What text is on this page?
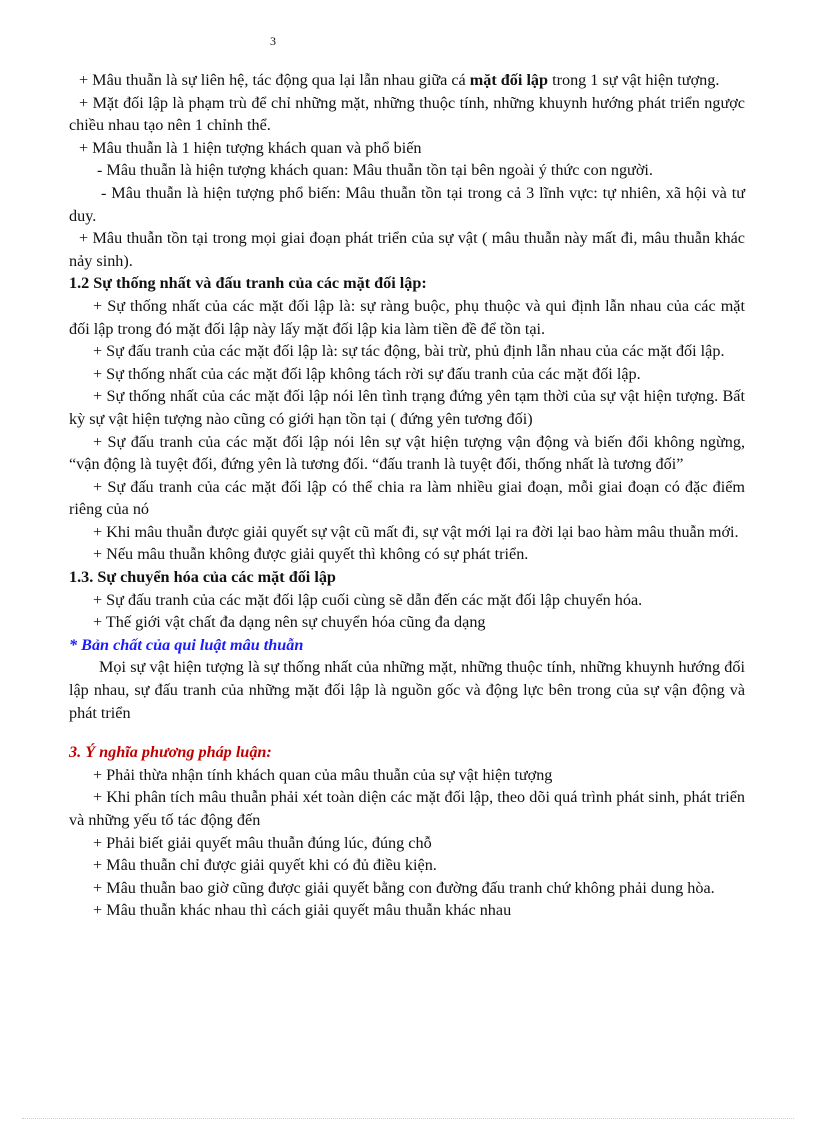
3

+ Mâu thuẫn là sự liên hệ, tác động qua lại lẫn nhau giữa cá mặt đối lập trong 1 sự vật hiện tượng.

+ Mặt đối lập là phạm trù để chỉ những mặt, những thuộc tính, những khuynh hướng phát triển ngược chiều nhau tạo nên 1 chỉnh thể.

+ Mâu thuẫn là 1 hiện tượng khách quan và phổ biến

- Mâu thuẫn là hiện tượng khách quan: Mâu thuẫn tồn tại bên ngoài ý thức con người.

- Mâu thuẫn là hiện tượng phổ biến: Mâu thuẫn tồn tại trong cả 3 lĩnh vực: tự nhiên, xã hội và tư duy.

+ Mâu thuẫn tồn tại trong mọi giai đoạn phát triển của sự vật ( mâu thuẫn này mất đi, mâu thuẫn khác nảy sinh).

1.2 Sự thống nhất và đấu tranh của các mặt đối lập:

+ Sự thống nhất của các mặt đối lập là: sự ràng buộc, phụ thuộc và qui định lẫn nhau của các mặt đối lập trong đó mặt đối lập này lấy mặt đối lập kia làm tiền đề để tồn tại.

+ Sự đấu tranh của các mặt đối lập là: sự tác động, bài trừ, phủ định lẫn nhau của các mặt đối lập.

+ Sự thống nhất của các mặt đối lập không tách rời sự đấu tranh của các mặt đối lập.

+ Sự thống nhất của các mặt đối lập nói lên tình trạng đứng yên tạm thời của sự vật hiện tượng. Bất kỳ sự vật hiện tượng nào cũng có giới hạn tồn tại ( đứng yên tương đối)

+ Sự đấu tranh của các mặt đối lập nói lên sự vật hiện tượng vận động và biến đổi không ngừng, “vận động là tuyệt đối, đứng yên là tương đối. “đấu tranh là tuyệt đối, thống nhất là tương đối”

+ Sự đấu tranh của các mặt đối lập có thể chia ra làm nhiều giai đoạn, mỗi giai đoạn có đặc điểm riêng của nó

+ Khi mâu thuẫn được giải quyết sự vật cũ mất đi, sự vật mới lại ra đời lại bao hàm mâu thuẫn mới.

+ Nếu mâu thuẫn không được giải quyết thì không có sự phát triển.

1.3. Sự chuyển hóa của các mặt đối lập

+ Sự đấu tranh của các mặt đối lập cuối cùng sẽ dẫn đến các mặt đối lập chuyển hóa.

+ Thế giới vật chất đa dạng nên sự chuyển hóa cũng đa dạng

* Bản chất của qui luật mâu thuẫn

Mọi sự vật hiện tượng là sự thống nhất của những mặt, những thuộc tính, những khuynh hướng đối lập nhau, sự đấu tranh của những mặt đối lập là nguồn gốc và động lực bên trong của sự vận động và phát triển

3. Ý nghĩa phương pháp luận:

+ Phải thừa nhận tính khách quan của mâu thuẫn của sự vật hiện tượng

+ Khi phân tích mâu thuẫn phải xét toàn diện các mặt đối lập, theo dõi quá trình phát sinh, phát triển và những yếu tố tác động đến

+ Phải biết giải quyết mâu thuẫn đúng lúc, đúng chỗ

+ Mâu thuẫn chỉ được giải quyết khi có đủ điều kiện.

+ Mâu thuẫn bao giờ cũng được giải quyết bằng con đường đấu tranh chứ không phải dung hòa.

+ Mâu thuẫn khác nhau thì cách giải quyết mâu thuẫn khác nhau
